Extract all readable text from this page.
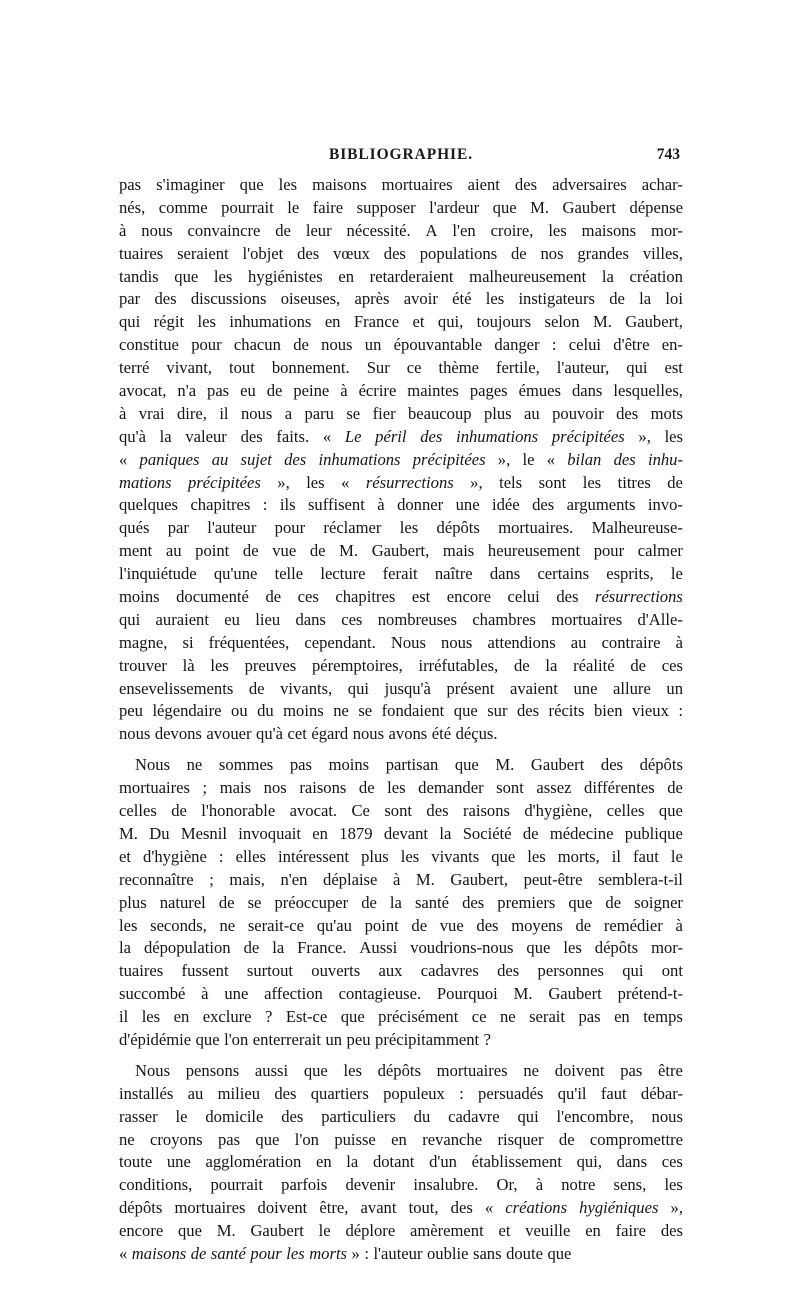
BIBLIOGRAPHIE.	743
pas s'imaginer que les maisons mortuaires aient des adversaires achar-
nés, comme pourrait le faire supposer l'ardeur que M. Gaubert dépense
à nous convaincre de leur nécessité. A l'en croire, les maisons mor-
tuaires seraient l'objet des vœux des populations de nos grandes villes,
tandis que les hygiénistes en retarderaient malheureusement la création
par des discussions oiseuses, après avoir été les instigateurs de la loi
qui régit les inhumations en France et qui, toujours selon M. Gaubert,
constitue pour chacun de nous un épouvantable danger : celui d'être en-
terré vivant, tout bonnement. Sur ce thème fertile, l'auteur, qui est
avocat, n'a pas eu de peine à écrire maintes pages émues dans lesquelles,
à vrai dire, il nous a paru se fier beaucoup plus au pouvoir des mots
qu'à la valeur des faits. « Le péril des inhumations précipitées », les
« paniques au sujet des inhumations précipitées », le « bilan des inhu-
mations précipitées », les « résurrections », tels sont les titres de
quelques chapitres : ils suffisent à donner une idée des arguments invo-
qués par l'auteur pour réclamer les dépôts mortuaires. Malheureuse-
ment au point de vue de M. Gaubert, mais heureusement pour calmer
l'inquiétude qu'une telle lecture ferait naître dans certains esprits, le
moins documenté de ces chapitres est encore celui des résurrections
qui auraient eu lieu dans ces nombreuses chambres mortuaires d'Alle-
magne, si fréquentées, cependant. Nous nous attendions au contraire à
trouver là les preuves péremptoires, irréfutables, de la réalité de ces
ensevelissements de vivants, qui jusqu'à présent avaient une allure un
peu légendaire ou du moins ne se fondaient que sur des récits bien vieux :
nous devons avouer qu'à cet égard nous avons été déçus.
Nous ne sommes pas moins partisan que M. Gaubert des dépôts
mortuaires ; mais nos raisons de les demander sont assez différentes de
celles de l'honorable avocat. Ce sont des raisons d'hygiène, celles que
M. Du Mesnil invoquait en 1879 devant la Société de médecine publique
et d'hygiène : elles intéressent plus les vivants que les morts, il faut le
reconnaître ; mais, n'en déplaise à M. Gaubert, peut-être semblera-t-il
plus naturel de se préoccuper de la santé des premiers que de soigner
les seconds, ne serait-ce qu'au point de vue des moyens de remédier à
la dépopulation de la France. Aussi voudrions-nous que les dépôts mor-
tuaires fussent surtout ouverts aux cadavres des personnes qui ont
succombé à une affection contagieuse. Pourquoi M. Gaubert prétend-t-
il les en exclure ? Est-ce que précisément ce ne serait pas en temps
d'épidémie que l'on enterrerait un peu précipitamment ?
Nous pensons aussi que les dépôts mortuaires ne doivent pas être
installés au milieu des quartiers populeux : persuadés qu'il faut débar-
rasser le domicile des particuliers du cadavre qui l'encombre, nous
ne croyons pas que l'on puisse en revanche risquer de compromettre
toute une agglomération en la dotant d'un établissement qui, dans ces
conditions, pourrait parfois devenir insalubre. Or, à notre sens, les
dépôts mortuaires doivent être, avant tout, des « créations hygiéniques »,
encore que M. Gaubert le déplore amèrement et veuille en faire des
« maisons de santé pour les morts » : l'auteur oublie sans doute que
